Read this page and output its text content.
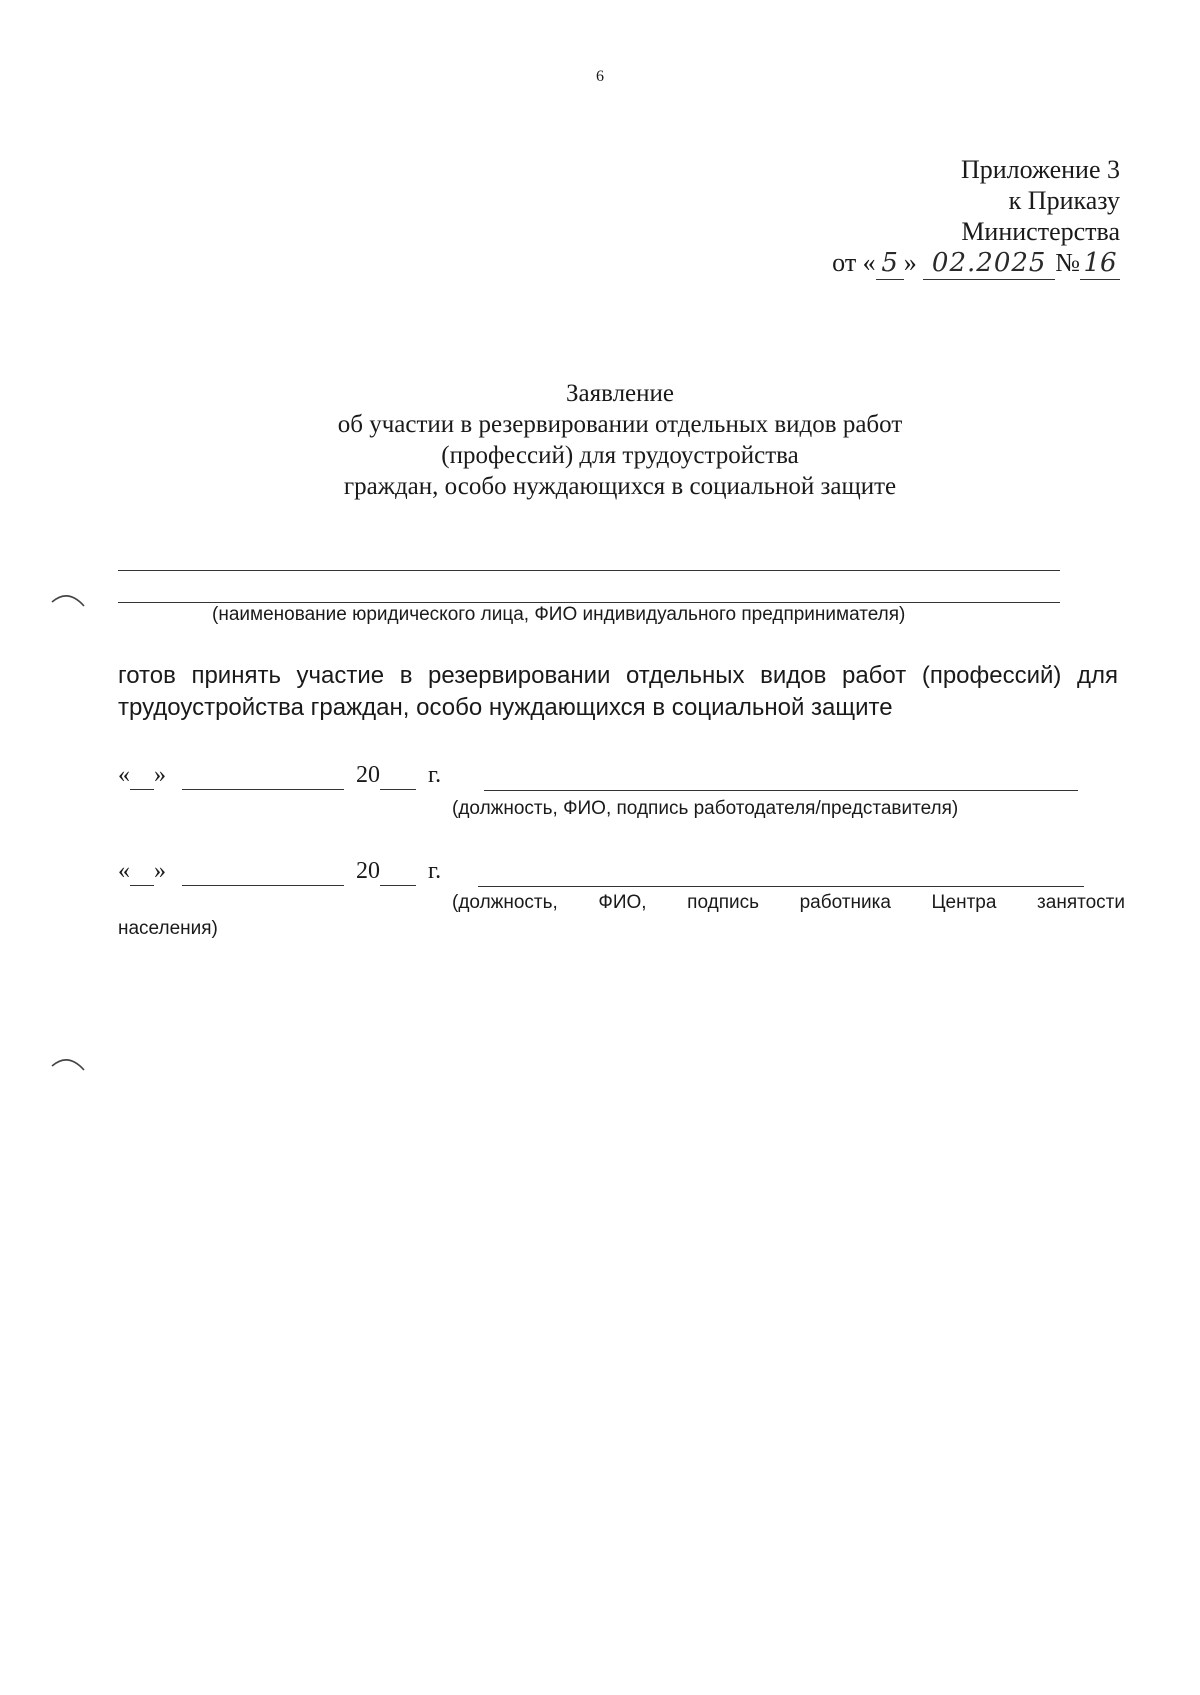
6
Приложение 3
к Приказу
Министерства
от « 5 » 02.2025 № 16
Заявление
об участии в резервировании отдельных видов работ
(профессий) для трудоустройства
граждан, особо нуждающихся в социальной защите
(наименование юридического лица, ФИО индивидуального предпринимателя)
готов принять участие в резервировании отдельных видов работ (профессий) для трудоустройства граждан, особо нуждающихся в социальной защите
« »	20 г.
(должность, ФИО, подпись работодателя/представителя)
« »	20 г.
(должность, ФИО, подпись работника Центра занятости
населения)
